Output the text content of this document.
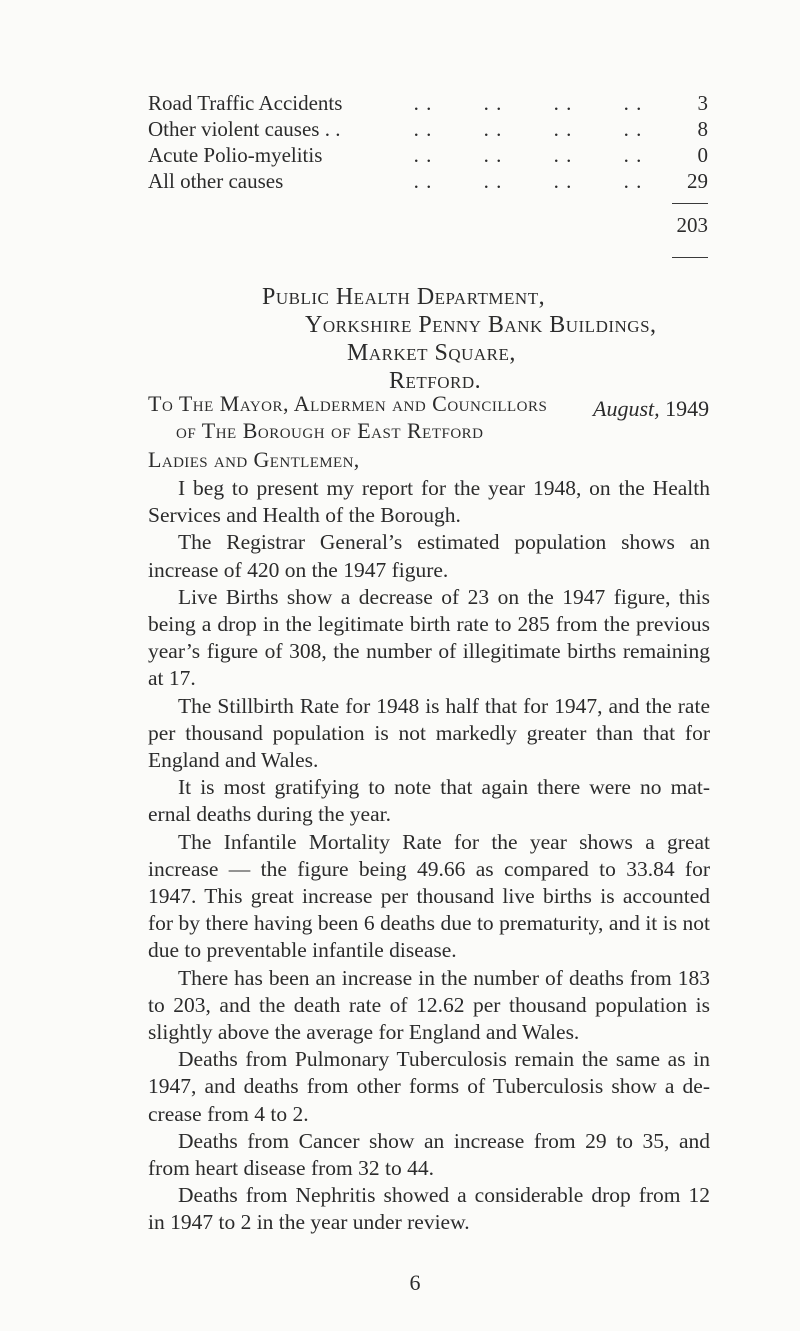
Road Traffic Accidents	. . . . . . . .	3
Other violent causes . .	. . . . . . . .	8
Acute Polio-myelitis	. . . . . . . .	0
All other causes	. . . . . . . . 29
203
Public Health Department,
Yorkshire Penny Bank Buildings,
Market Square,
Retford.
August, 1949
To The Mayor, Aldermen and Councillors
of The Borough of East Retford
Ladies and Gentlemen,

I beg to present my report for the year 1948, on the Health Services and Health of the Borough.

The Registrar General’s estimated population shows an increase of 420 on the 1947 figure.

Live Births show a decrease of 23 on the 1947 figure, this being a drop in the legitimate birth rate to 285 from the previous year’s figure of 308, the number of illegitimate births remaining at 17.

The Stillbirth Rate for 1948 is half that for 1947, and the rate per thousand population is not markedly greater than that for England and Wales.

It is most gratifying to note that again there were no mat- ernal deaths during the year.

The Infantile Mortality Rate for the year shows a great increase — the figure being 49.66 as compared to 33.84 for 1947. This great increase per thousand live births is accounted for by there having been 6 deaths due to prematurity, and it is not due to preventable infantile disease.

There has been an increase in the number of deaths from 183 to 203, and the death rate of 12.62 per thousand population is slightly above the average for England and Wales.

Deaths from Pulmonary Tuberculosis remain the same as in 1947, and deaths from other forms of Tuberculosis show a de- crease from 4 to 2.

Deaths from Cancer show an increase from 29 to 35, and from heart disease from 32 to 44.

Deaths from Nephritis showed a considerable drop from 12 in 1947 to 2 in the year under review.

6
